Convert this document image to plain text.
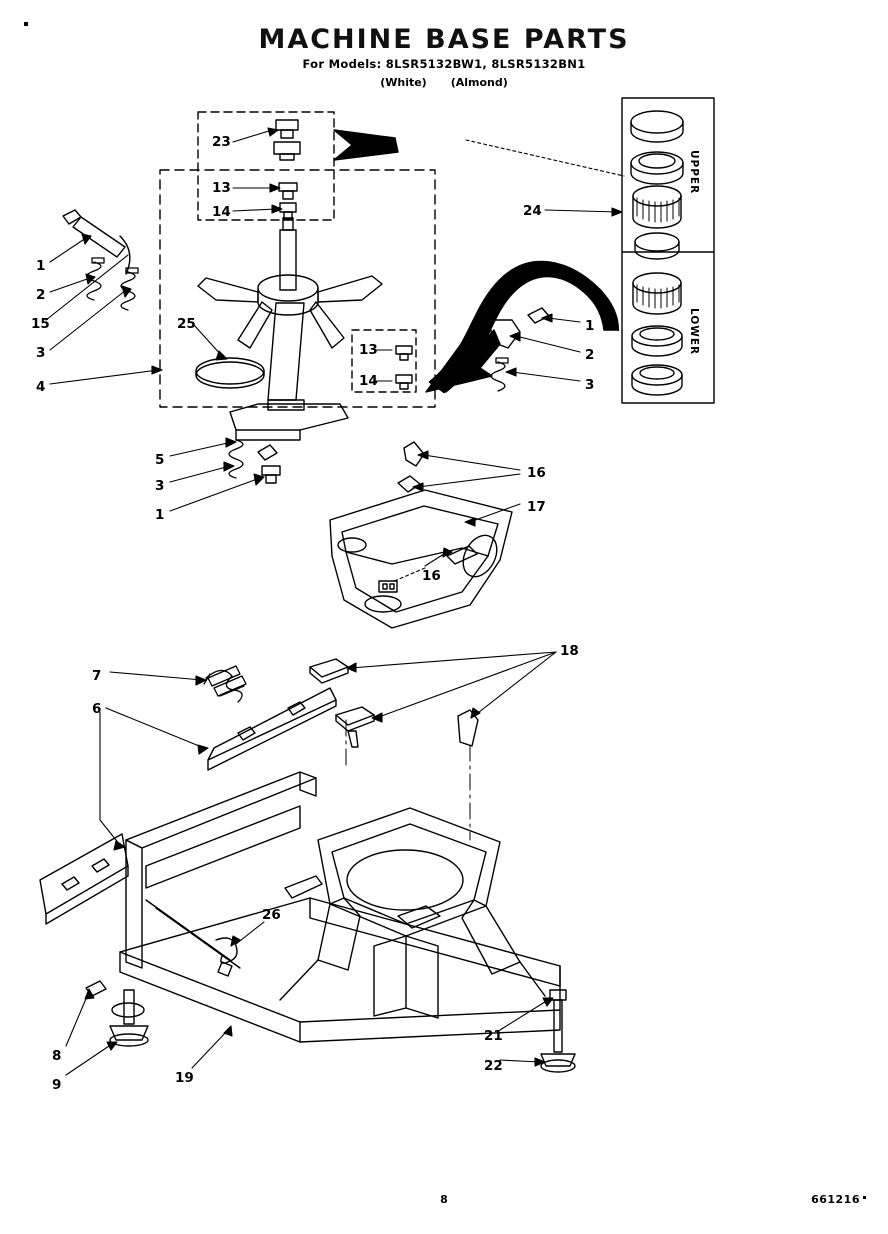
MACHINE BASE PARTS
For Models: 8LSR5132BW1, 8LSR5132BN1
(White) (Almond)
23
13
14	24
1
2
15
3
4
25
13
14
1
2
3
5
3
1
16
17
16
18
7
6
26
8
9	19
21
22
UPPER
LOWER
8	661216
